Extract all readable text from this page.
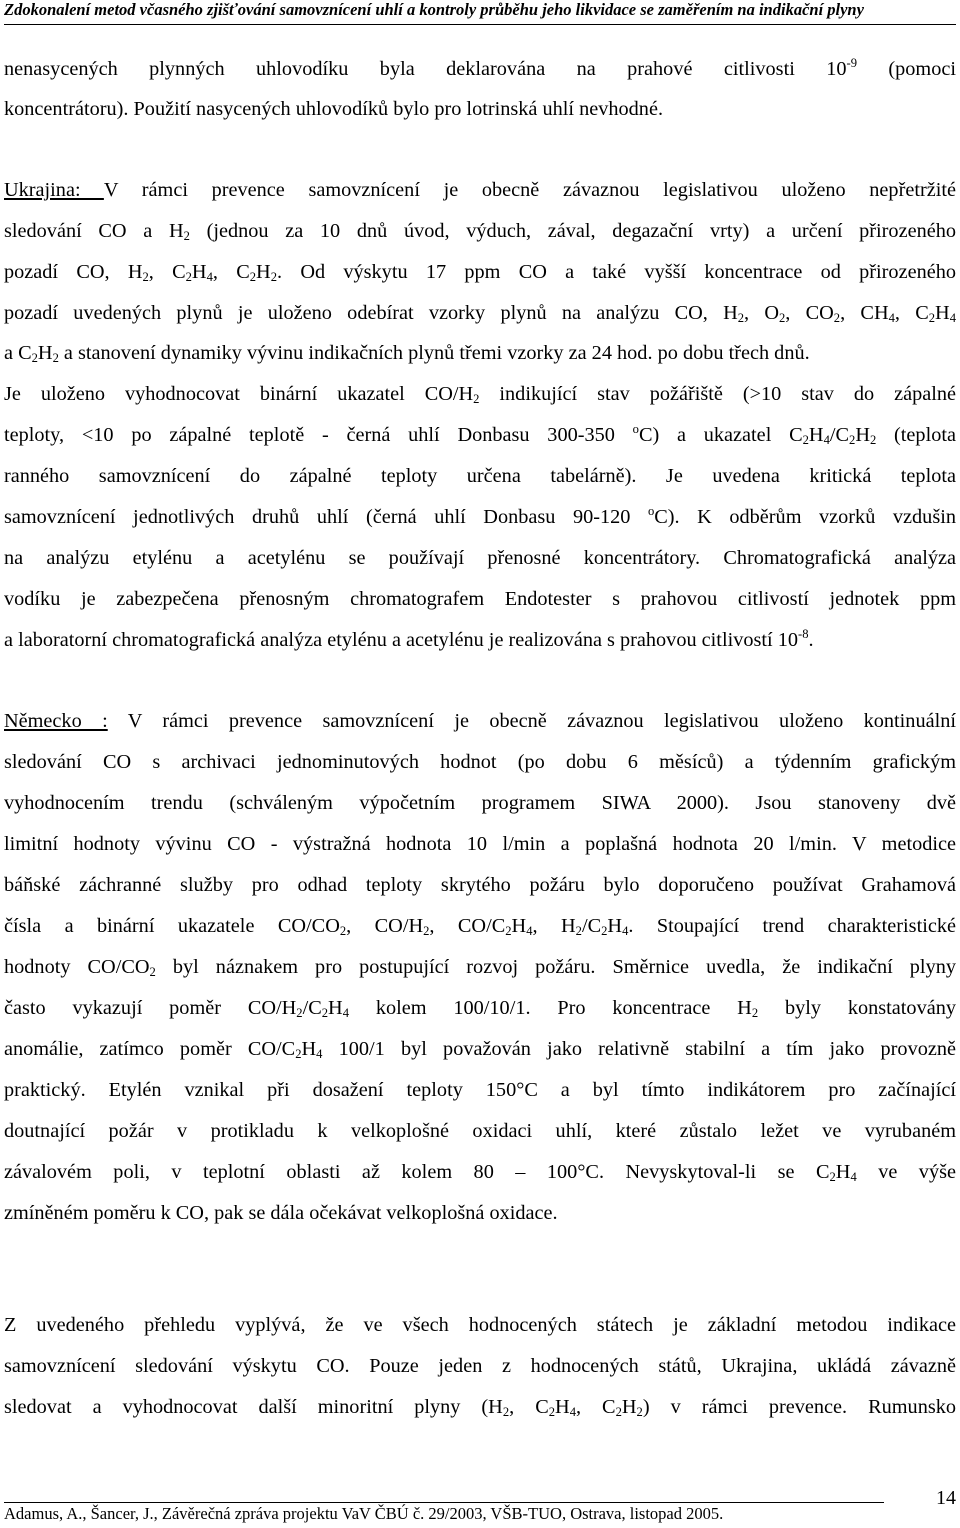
Zdokonalení metod včasného zjišťování samovznícení uhlí a kontroly průběhu jeho likvidace se zaměřením na indikační plyny
nenasycených plynných uhlovodíku byla deklarována na prahové citlivosti $10^{-9}$ (pomoci
koncentrátoru). Použití nasycených uhlovodíků bylo pro lotrinská uhlí nevhodné.
Ukrajina: V rámci prevence samovznícení je obecně závaznou legislativou uloženo nepřetržité
sledování CO a $H_2$ (jednou za 10 dnů úvod, výduch, zával, degazační vrty) a určení přirozeného
pozadí CO, $H_2$, $C_2H_4$, $C_2H_2$. Od výskytu 17 ppm CO a také vyšší koncentrace od přirozeného
pozadí uvedených plynů je uloženo odebírat vzorky plynů na analýzu CO, $H_2$, $O_2$, $CO_2$, $CH_4$, $C_2H_4$
a $C_2H_2$ a stanovení dynamiky vývinu indikačních plynů třemi vzorky za 24 hod. po dobu třech dnů.
Je uloženo vyhodnocovat binární ukazatel $CO/H_2$ indikující stav požářiště (>10 stav do zápalné
teploty, <10 po zápalné teplotě - černá uhlí Donbasu 300-350 $^o$C) a ukazatel $C_2H_4/C_2H_2$ (teplota
ranného samovznícení do zápalné teploty určena tabelárně). Je uvedena kritická teplota
samovznícení jednotlivých druhů uhlí (černá uhlí Donbasu 90-120 $^o$C). K odběrům vzorků vzdušin
na analýzu etylénu a acetylénu se používají přenosné koncentrátory. Chromatografická analýza
vodíku je zabezpečena přenosným chromatografem Endotester s prahovou citlivostí jednotek ppm
a laboratorní chromatografická analýza etylénu a acetylénu je realizována s prahovou citlivostí $10^{-8}$.
Německo : V rámci prevence samovznícení je obecně závaznou legislativou uloženo kontinuální
sledování CO s archivaci jednominutových hodnot (po dobu 6 měsíců) a týdenním grafickým
vyhodnocením trendu (schváleným výpočetním programem SIWA 2000). Jsou stanoveny dvě
limitní hodnoty vývinu CO - výstražná hodnota 10 l/min a poplašná hodnota 20 l/min. V metodice
báňské záchranné služby pro odhad teploty skrytého požáru bylo doporučeno používat Grahamová
čísla a binární ukazatele $CO/CO_2$, $CO/H_2$, $CO/C_2H_4$, $H_2/C_2H_4$. Stoupající trend charakteristické
hodnoty $CO/CO_2$ byl náznakem pro postupující rozvoj požáru. Směrnice uvedla, že indikační plyny
často vykazují poměr $CO/H_2/C_2H_4$ kolem 100/10/1. Pro koncentrace $H_2$ byly konstatovány
anomálie, zatímco poměr $CO/C_2H_4$ 100/1 byl považován jako relativně stabilní a tím jako provozně
praktický. Etylén vznikal při dosažení teploty 150°C a byl tímto indikátorem pro začínající
doutnající požár v protikladu k velkoplošné oxidaci uhlí, které zůstalo ležet ve vyrubaném
závalovém poli, v teplotní oblasti až kolem 80 – 100°C. Nevyskytoval-li se $C_2H_4$ ve výše
zmíněném poměru k CO, pak se dála očekávat velkoplošná oxidace.
Z uvedeného přehledu vyplývá, že ve všech hodnocených státech je základní metodou indikace
samovznícení sledování výskytu CO. Pouze jeden z hodnocených států, Ukrajina, ukládá závazně
sledovat a vyhodnocovat další minoritní plyny ($H_2$, $C_2H_4$, $C_2H_2$) v rámci prevence. Rumunsko
Adamus, A., Šancer, J., Závěrečná zpráva projektu VaV ČBÚ č. 29/2003, VŠB-TUO, Ostrava, listopad 2005.
14
